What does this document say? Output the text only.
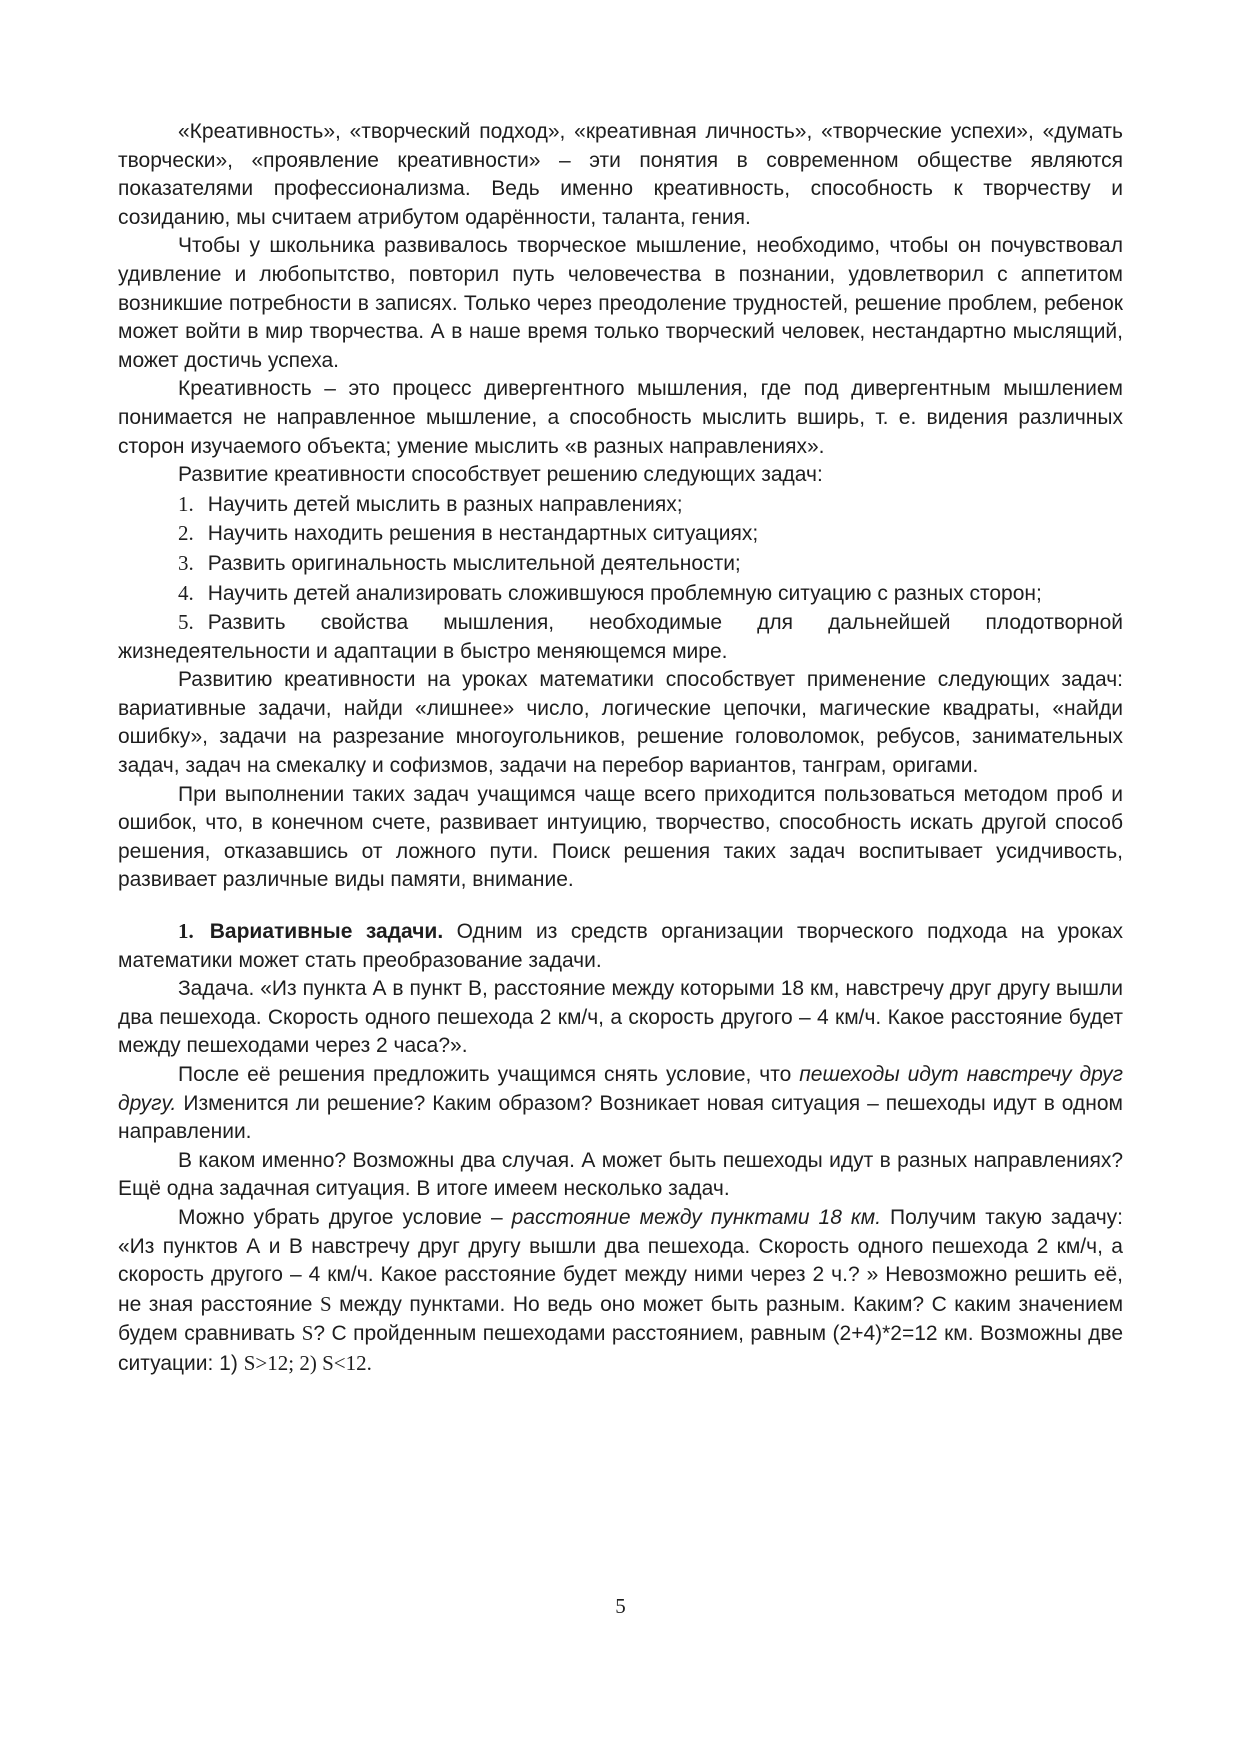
«Креативность», «творческий подход», «креативная личность», «творческие успехи», «думать творчески», «проявление креативности» – эти понятия в современном обществе являются показателями профессионализма. Ведь именно креативность, способность к творчеству и созиданию, мы считаем атрибутом одарённости, таланта, гения.

Чтобы у школьника развивалось творческое мышление, необходимо, чтобы он почувствовал удивление и любопытство, повторил путь человечества в познании, удовлетворил с аппетитом возникшие потребности в записях. Только через преодоление трудностей, решение проблем, ребенок может войти в мир творчества. А в наше время только творческий человек, нестандартно мыслящий, может достичь успеха.

Креативность – это процесс дивергентного мышления, где под дивергентным мышлением понимается не направленное мышление, а способность мыслить вширь, т. е. видения различных сторон изучаемого объекта; умение мыслить «в разных направлениях».

Развитие креативности способствует решению следующих задач:

1. Научить детей мыслить в разных направлениях;

2. Научить находить решения в нестандартных ситуациях;

3. Развить оригинальность мыслительной деятельности;

4. Научить детей анализировать сложившуюся проблемную ситуацию с разных сторон;

5. Развить свойства мышления, необходимые для дальнейшей плодотворной жизнедеятельности и адаптации в быстро меняющемся мире.

Развитию креативности на уроках математики способствует применение следующих задач: вариативные задачи, найди «лишнее» число, логические цепочки, магические квадраты, «найди ошибку», задачи на разрезание многоугольников, решение головоломок, ребусов, занимательных задач, задач на смекалку и софизмов, задачи на перебор вариантов, танграм, оригами.

При выполнении таких задач учащимся чаще всего приходится пользоваться методом проб и ошибок, что, в конечном счете, развивает интуицию, творчество, способность искать другой способ решения, отказавшись от ложного пути. Поиск решения таких задач воспитывает усидчивость, развивает различные виды памяти, внимание.

1. Вариативные задачи. Одним из средств организации творческого подхода на уроках математики может стать преобразование задачи.

Задача. «Из пункта А в пункт В, расстояние между которыми 18 км, навстречу друг другу вышли два пешехода. Скорость одного пешехода 2 км/ч, а скорость другого – 4 км/ч. Какое расстояние будет между пешеходами через 2 часа?».

После её решения предложить учащимся снять условие, что пешеходы идут навстречу друг другу. Изменится ли решение? Каким образом? Возникает новая ситуация – пешеходы идут в одном направлении.

В каком именно? Возможны два случая. А может быть пешеходы идут в разных направлениях? Ещё одна задачная ситуация. В итоге имеем несколько задач.

Можно убрать другое условие – расстояние между пунктами 18 км. Получим такую задачу: «Из пунктов А и В навстречу друг другу вышли два пешехода. Скорость одного пешехода 2 км/ч, а скорость другого – 4 км/ч. Какое расстояние будет между ними через 2 ч.? » Невозможно решить её, не зная расстояние S между пунктами. Но ведь оно может быть разным. Каким? С каким значением будем сравнивать S? С пройденным пешеходами расстоянием, равным (2+4)*2=12 км. Возможны две ситуации: 1) S>12; 2) S<12.

5
